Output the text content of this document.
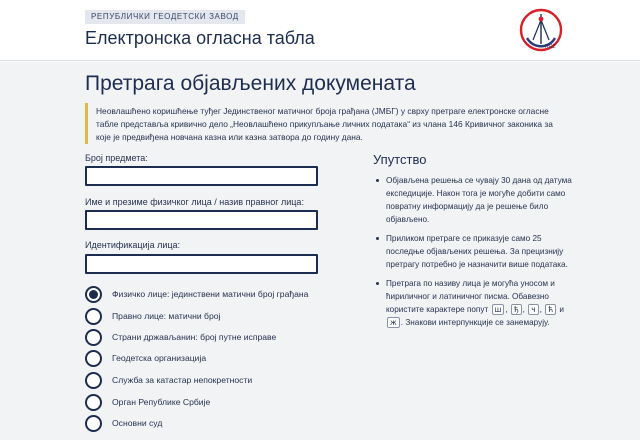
РЕПУБЛИЧКИ ГЕОДЕТСКИ ЗАВОД
Електронска огласна табла	RGZ
Претрага објављених докумената
Неовлашћено коришћење туђег Јединственог матичног броја грађана (ЈМБГ) у сврху претраге електронске огласне табле представља кривично дело „Неовлашћено прикупљање личних података“ из члана 146 Кривичног законика за које је предвиђена новчана казна или казна затвора до годину дана.
Број предмета:
Име и презиме физичког лица / назив правног лица:
Идентификација лица:
Физичко лице: јединствени матични број грађана
Правно лице: матични број
Страни држављанин: број путне исправе
Геодетска организација
Служба за катастар непокретности
Орган Републике Србије
Основни суд
Упутство
Објављена решења се чувају 30 дана од датума експедиције. Након тога је могуће добити само повратну информацију да је решење било објављено.
Приликом претраге се приказује само 25 последње објављених решења. За прецизнију претрагу потребно је назначити више података.
Претрага по називу лица је могућа уносом и ћириличног и латиничног писма. Обавезно користите карактере попут ш , ђ , ч , ћ и ж . Знакови интерпункције се занемарују.
